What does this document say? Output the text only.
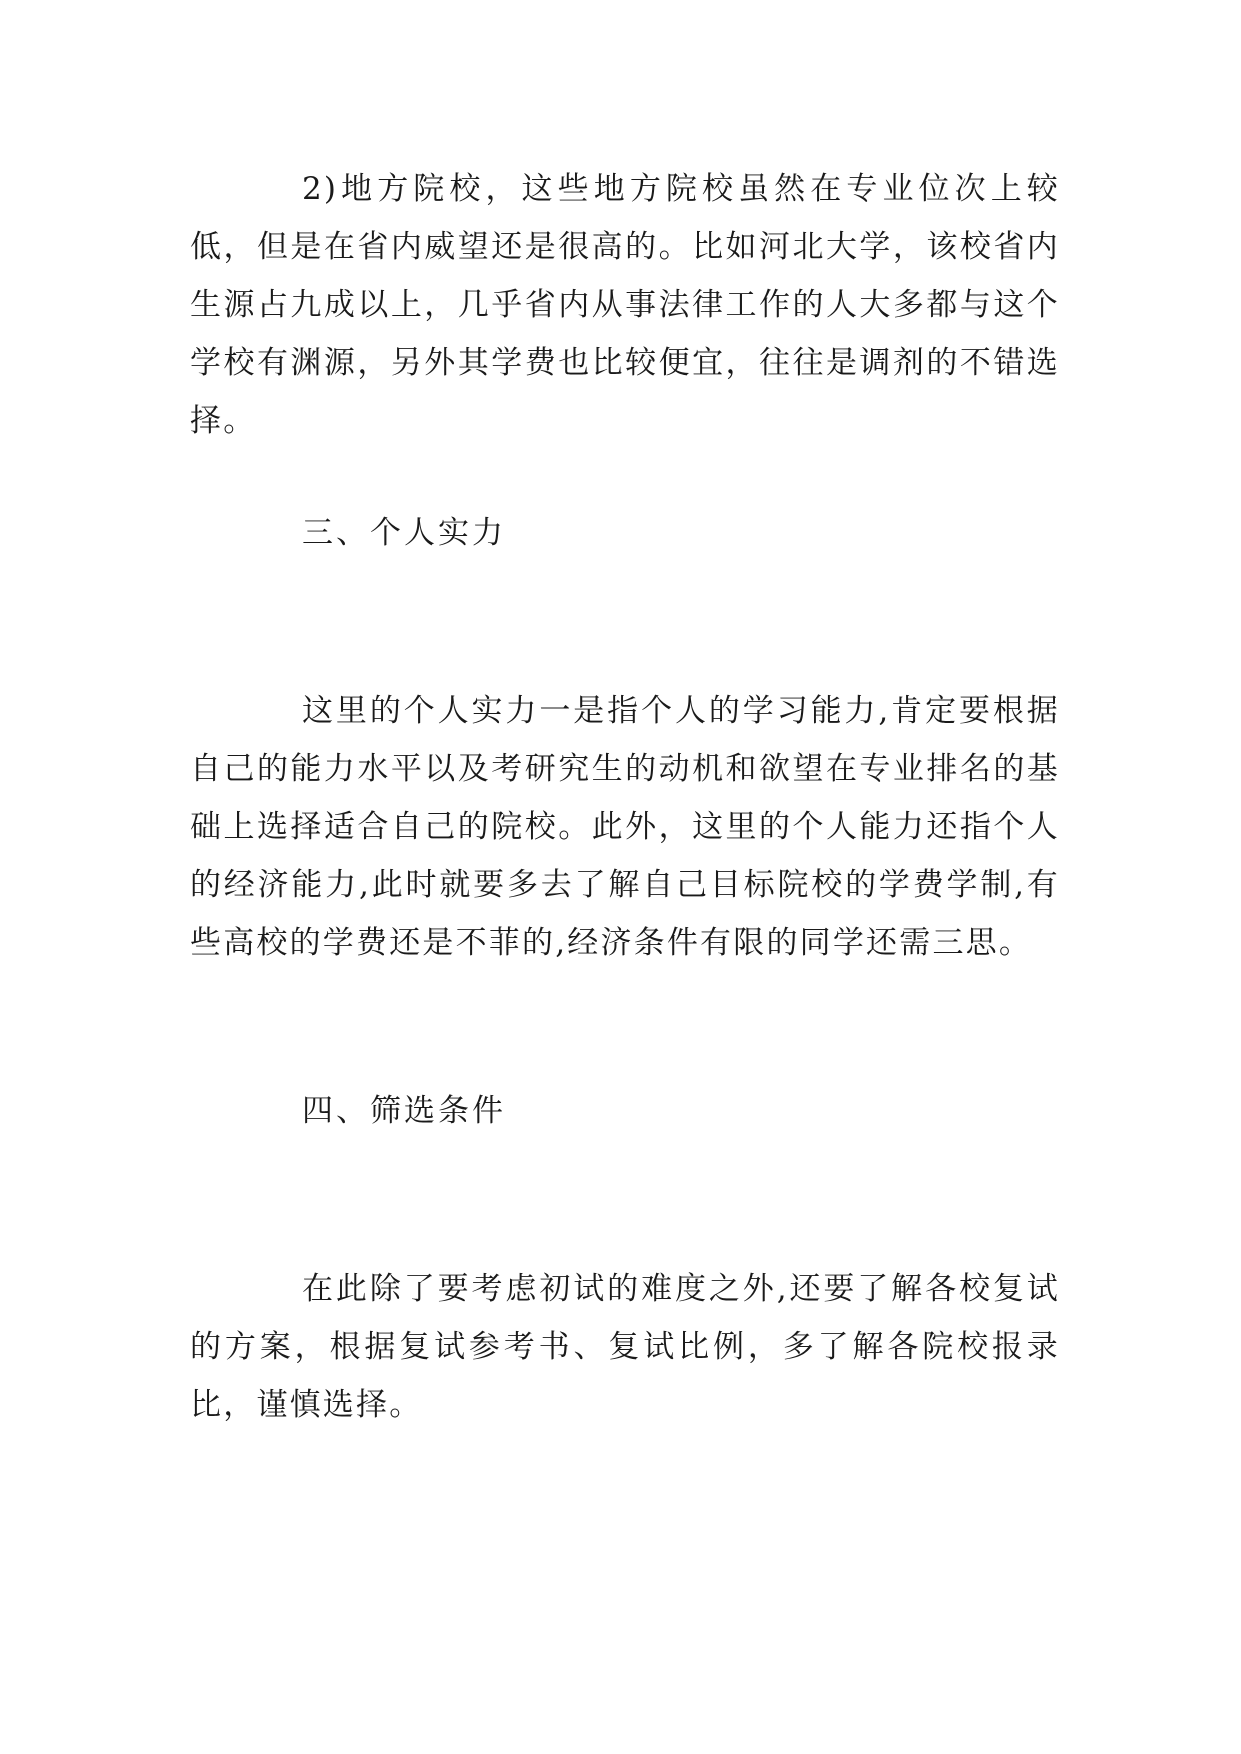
2)地方院校，这些地方院校虽然在专业位次上较低，但是在省内威望还是很高的。比如河北大学，该校省内生源占九成以上，几乎省内从事法律工作的人大多都与这个学校有渊源，另外其学费也比较便宜，往往是调剂的不错选择。

三、个人实力

这里的个人实力一是指个人的学习能力,肯定要根据自己的能力水平以及考研究生的动机和欲望在专业排名的基础上选择适合自己的院校。此外，这里的个人能力还指个人的经济能力,此时就要多去了解自己目标院校的学费学制,有些高校的学费还是不菲的,经济条件有限的同学还需三思。

四、筛选条件

在此除了要考虑初试的难度之外,还要了解各校复试的方案，根据复试参考书、复试比例，多了解各院校报录比，谨慎选择。
